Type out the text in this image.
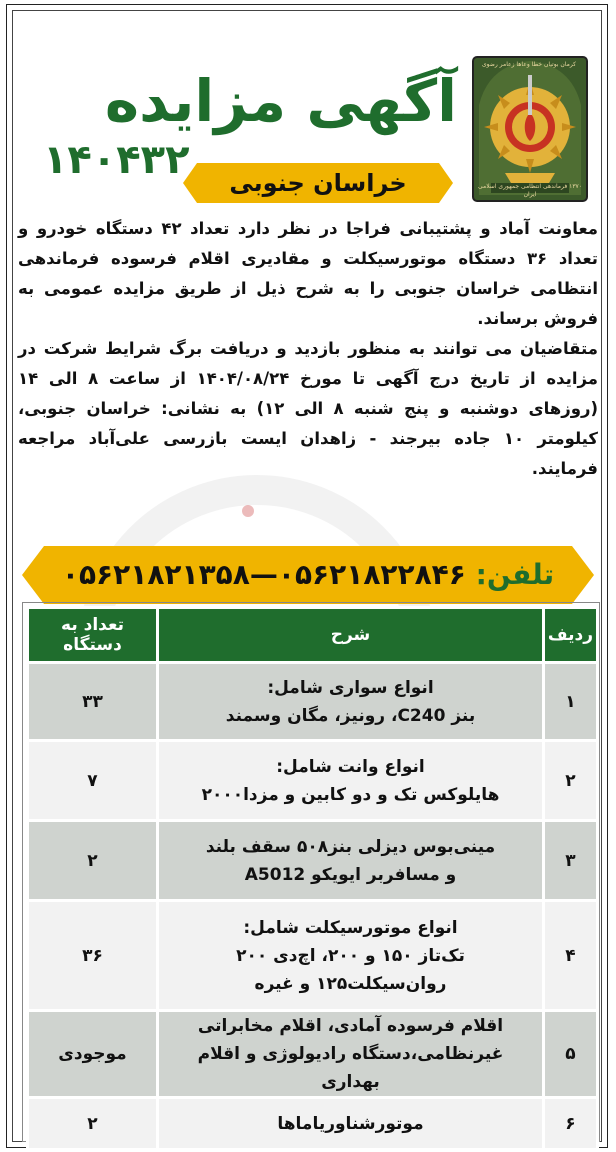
کرمان بوتیان خطا وعاها زعامر رضوی
۱۳۷۰ فرماندهی انتظامی جمهوری اسلامی ایران
آگهی مزایده
۱۴۰۴۳۲	خراسان جنوبی

معاونت آماد و پشتیبانی فراجا در نظر دارد تعداد ۴۲ دستگاه خودرو و تعداد ۳۶ دستگاه موتورسیکلت و مقادیری اقلام فرسوده فرماندهی انتظامی خراسان جنوبی را به شرح ذیل از طریق مزایده عمومی به فروش برساند.

متقاضیان می توانند به منظور بازدید و دریافت برگ شرایط شرکت در مزایده از تاریخ درج آگهی تا مورخ ۱۴۰۴/۰۸/۲۴ از ساعت ۸ الی ۱۴ (روزهای دوشنبه و پنج شنبه ۸ الی ۱۲) به نشانی: خراسان جنوبی، کیلومتر ۱۰ جاده بیرجند - زاهدان ایست بازرسی علی‌آباد مراجعه فرمایند.

تلفن: ۰۵۶۲۱۸۲۲۸۴۶—۰۵۶۲۱۸۲۱۳۵۸
ردیف	شرح	تعداد به دستگاه
۱	انواع سواری شامل:
بنز C240، رونیز، مگان وسمند	۳۳
۲	انواع وانت شامل:
هایلوکس تک و دو کابین و مزدا۲۰۰۰	۷
۳	مینی‌بوس دیزلی بنز۵۰۸ سقف بلند
و مسافربر ایویکو A5012	۲
۴	انواع موتورسیکلت شامل:
تک‌تاز ۱۵۰ و ۲۰۰، اچ‌دی ۲۰۰
روان‌سیکلت۱۲۵ و غیره	۳۶
۵	اقلام فرسوده آمادی، اقلام مخابراتی
غیرنظامی،دستگاه رادیولوژی و اقلام بهداری	موجودی
۶	موتورشناوریاماها	۲
